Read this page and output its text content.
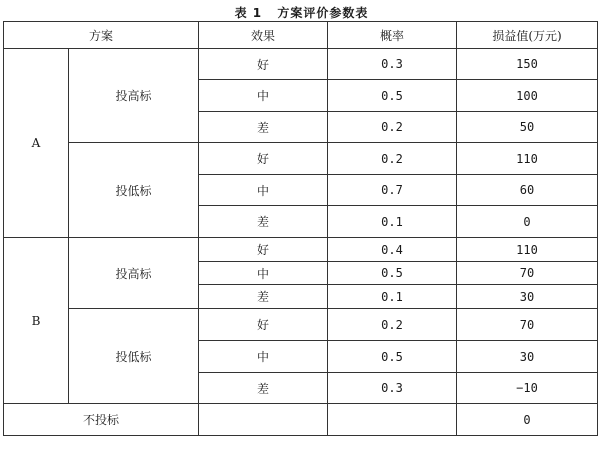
表 1 方案评价参数表
方案		效果	概率	损益值(万元)
A	投高标	好	0.3	150
		中	0.5	100
		差	0.2	50
	投低标	好	0.2	110
		中	0.7	60
		差	0.1	0
B	投高标	好	0.4	110
		中	0.5	70
		差	0.1	30
	投低标	好	0.2	70
		中	0.5	30
		差	0.3	−10
不投标				0
